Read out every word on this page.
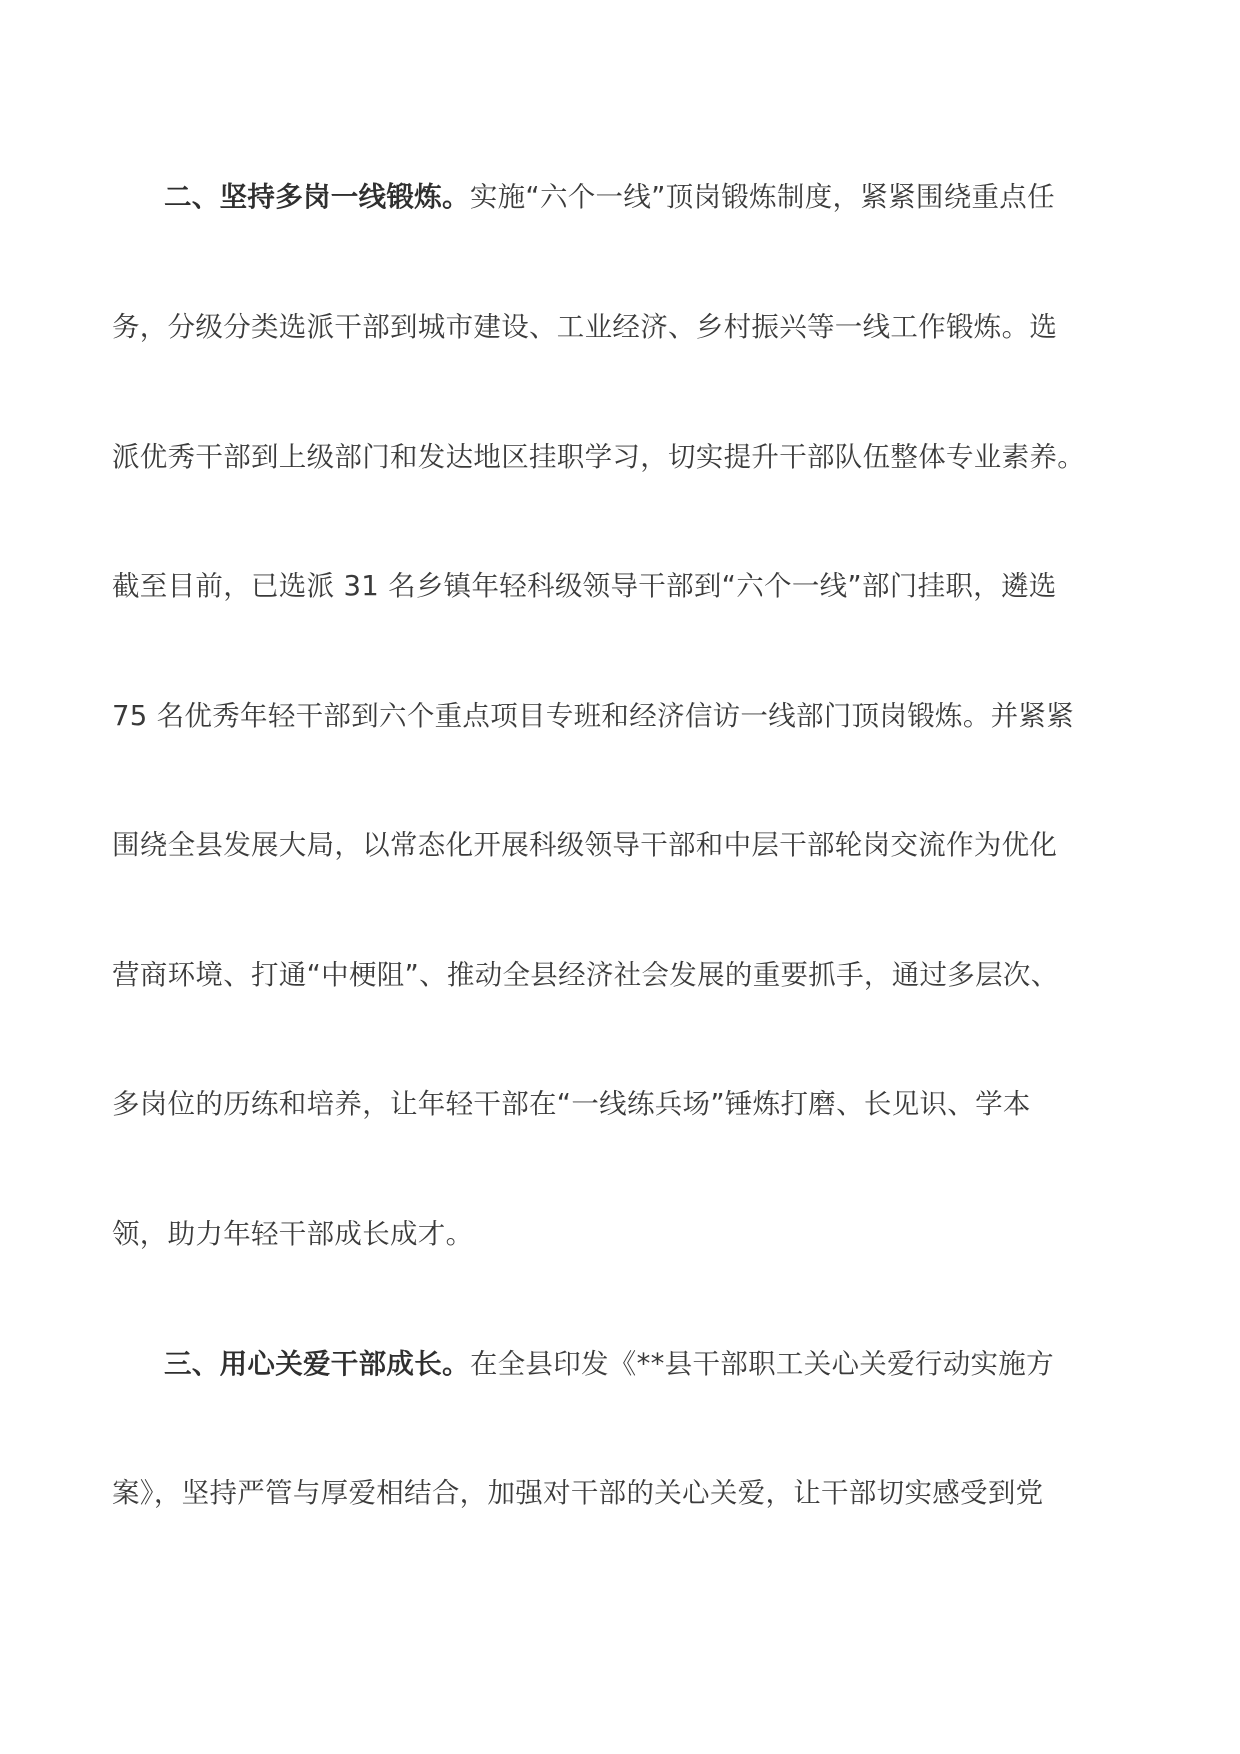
二、坚持多岗一线锻炼。实施“六个一线”顶岗锻炼制度，紧紧围绕重点任
务，分级分类选派干部到城市建设、工业经济、乡村振兴等一线工作锻炼。选
派优秀干部到上级部门和发达地区挂职学习，切实提升干部队伍整体专业素养。
截至目前，已选派 31 名乡镇年轻科级领导干部到“六个一线”部门挂职，遴选
75 名优秀年轻干部到六个重点项目专班和经济信访一线部门顶岗锻炼。并紧紧
围绕全县发展大局，以常态化开展科级领导干部和中层干部轮岗交流作为优化
营商环境、打通“中梗阻”、推动全县经济社会发展的重要抓手，通过多层次、
多岗位的历练和培养，让年轻干部在“一线练兵场”锤炼打磨、长见识、学本
领，助力年轻干部成长成才。
三、用心关爱干部成长。在全县印发《**县干部职工关心关爱行动实施方
案》，坚持严管与厚爱相结合，加强对干部的关心关爱，让干部切实感受到党
